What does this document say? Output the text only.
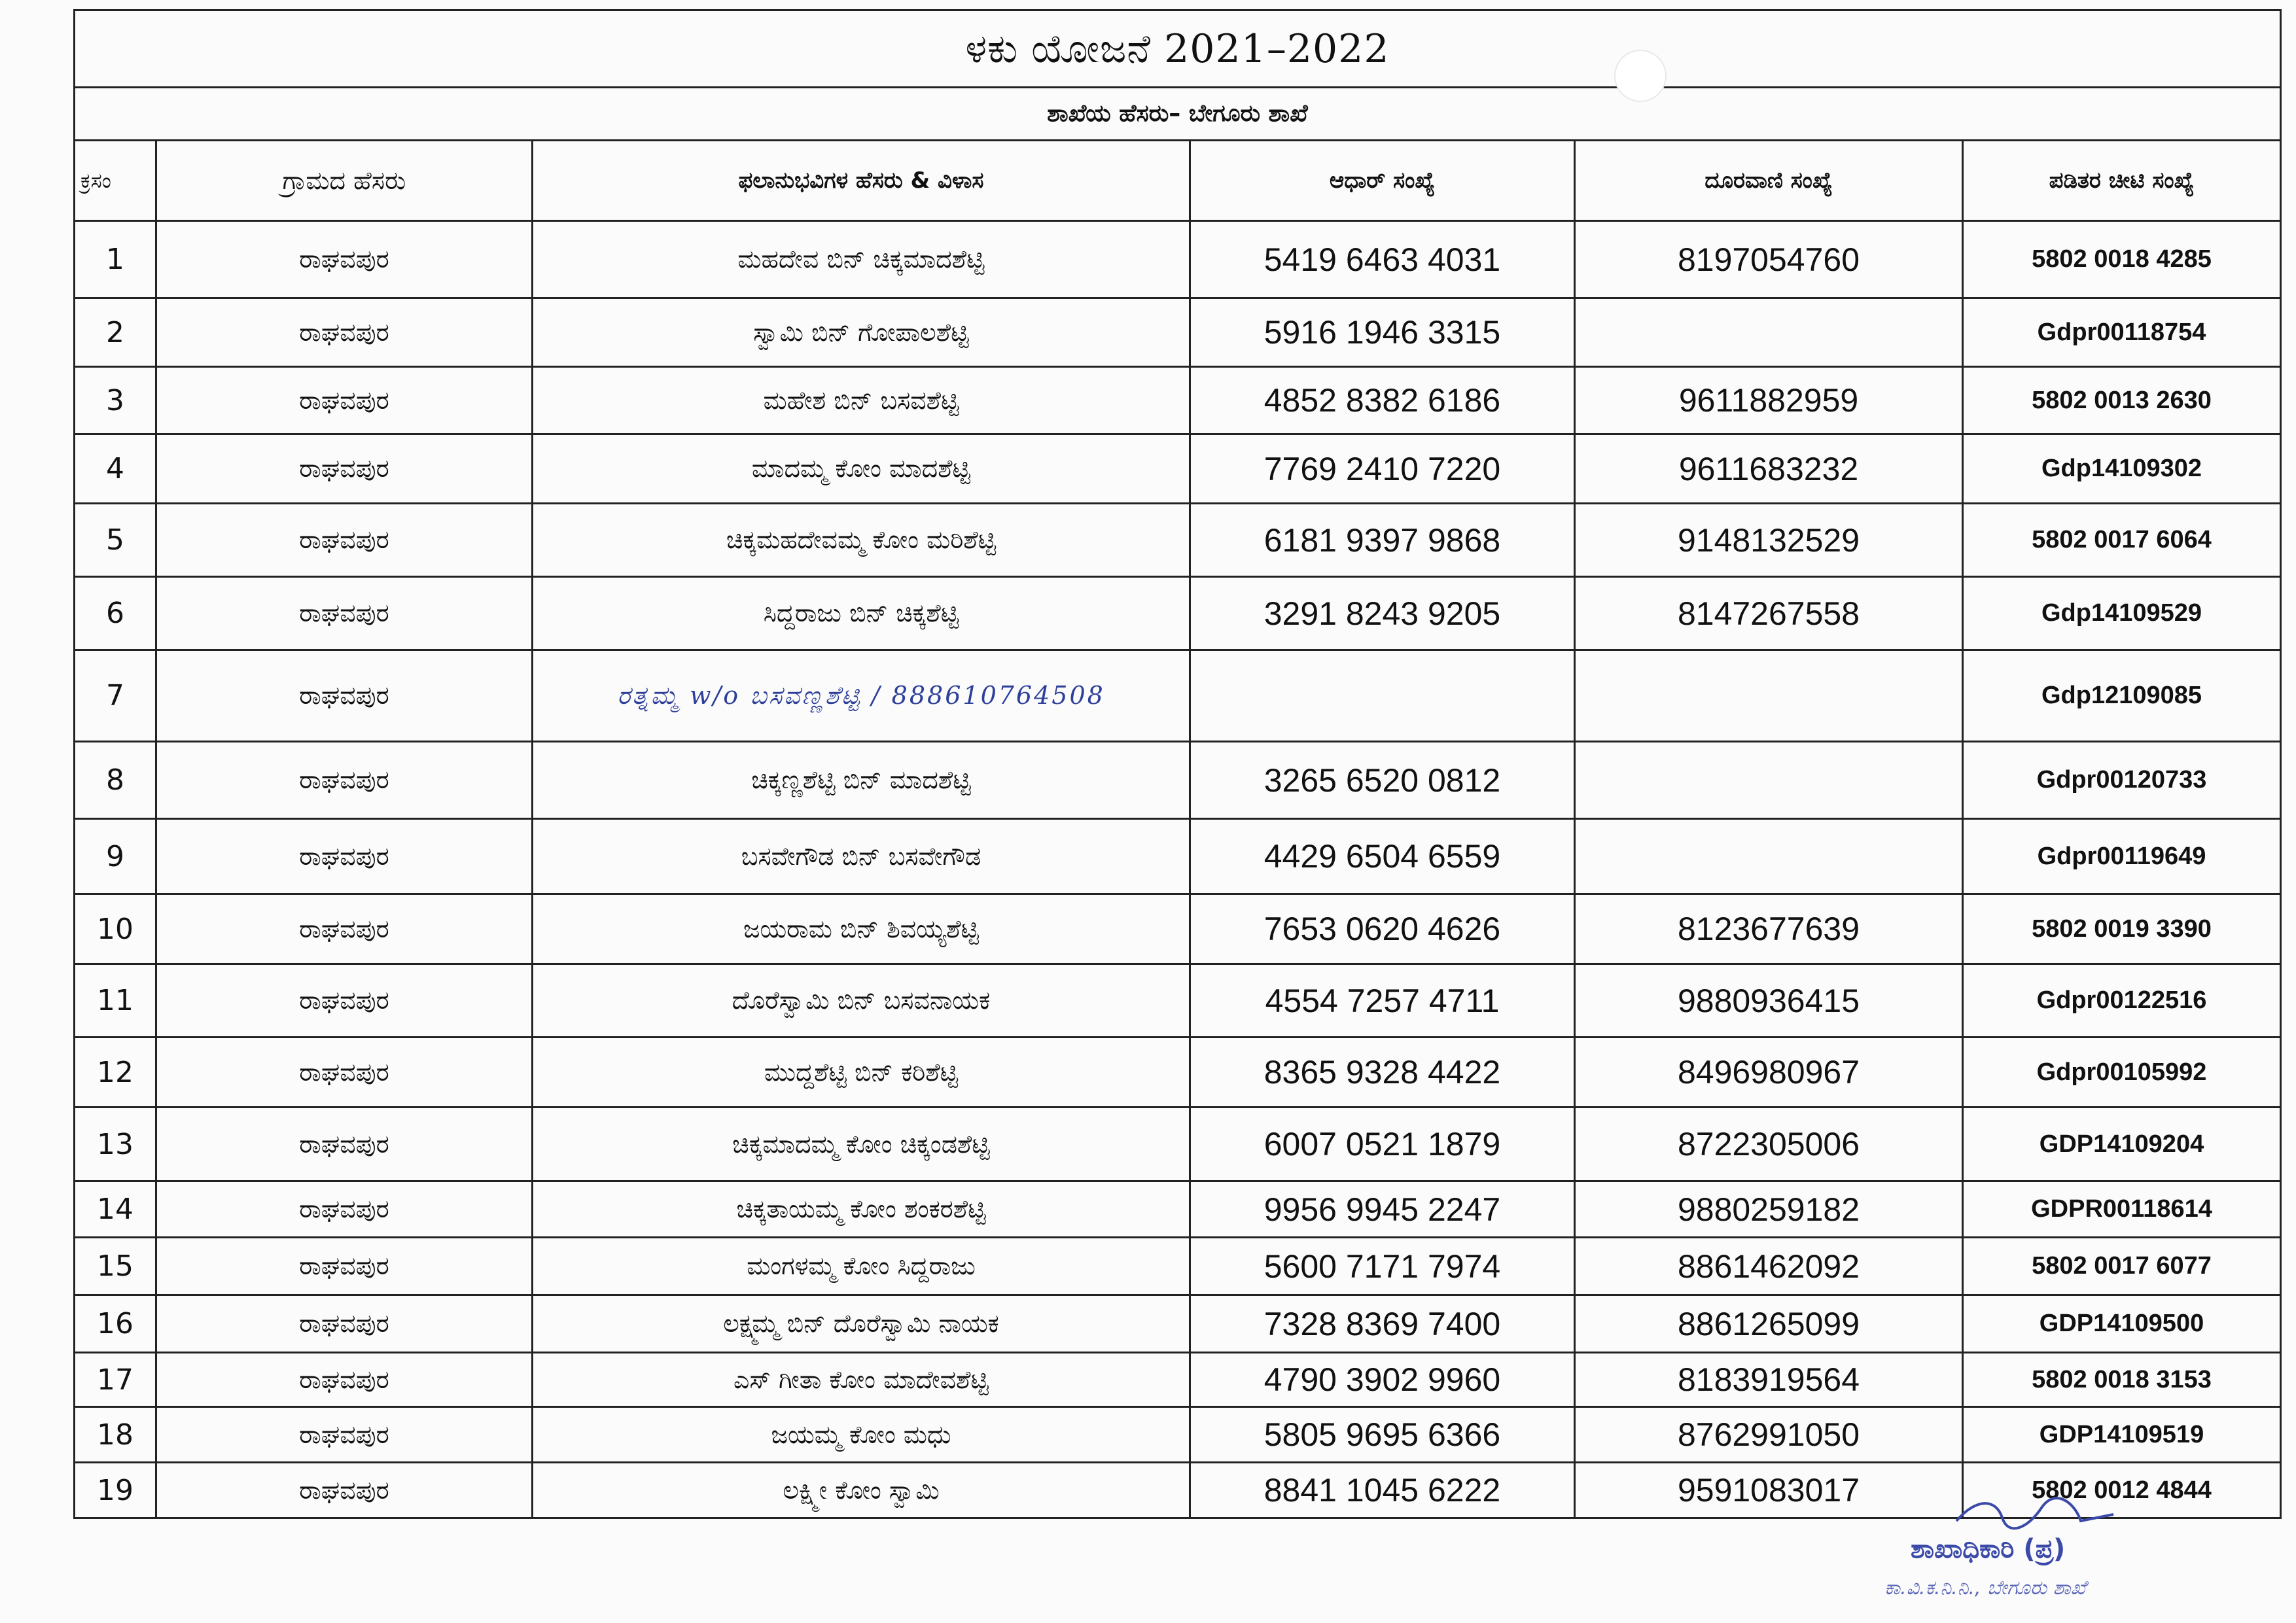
ಳಕು ಯೋಜನೆ 2021–2022					
ಶಾಖೆಯ ಹೆಸರು– ಬೇಗೂರು ಶಾಖೆ					
ಕ್ರಸಂ	ಗ್ರಾಮದ ಹೆಸರು	ಫಲಾನುಭವಿಗಳ ಹೆಸರು & ವಿಳಾಸ	ಆಧಾರ್ ಸಂಖ್ಯೆ	ದೂರವಾಣಿ ಸಂಖ್ಯೆ	ಪಡಿತರ ಚೀಟಿ ಸಂಖ್ಯೆ
1	ರಾಘವಪುರ	ಮಹದೇವ ಬಿನ್ ಚಿಕ್ಕಮಾದಶೆಟ್ಟಿ	5419 6463 4031	8197054760	5802 0018 4285
2	ರಾಘವಪುರ	ಸ್ವಾಮಿ ಬಿನ್ ಗೋಪಾಲಶೆಟ್ಟಿ	5916 1946 3315		Gdpr00118754
3	ರಾಘವಪುರ	ಮಹೇಶ ಬಿನ್ ಬಸವಶೆಟ್ಟಿ	4852 8382 6186	9611882959	5802 0013 2630
4	ರಾಘವಪುರ	ಮಾದಮ್ಮ ಕೋಂ ಮಾದಶೆಟ್ಟಿ	7769 2410 7220	9611683232	Gdp14109302
5	ರಾಘವಪುರ	ಚಿಕ್ಕಮಹದೇವಮ್ಮ ಕೋಂ ಮರಿಶೆಟ್ಟಿ	6181 9397 9868	9148132529	5802 0017 6064
6	ರಾಘವಪುರ	ಸಿದ್ದರಾಜು ಬಿನ್ ಚಿಕ್ಕಶೆಟ್ಟಿ	3291 8243 9205	8147267558	Gdp14109529
7	ರಾಘವಪುರ	ರತ್ನಮ್ಮ w/o ಬಸವಣ್ಣಶೆಟ್ಟಿ / 888610764508			Gdp12109085
8	ರಾಘವಪುರ	ಚಿಕ್ಕಣ್ಣಶೆಟ್ಟಿ ಬಿನ್ ಮಾದಶೆಟ್ಟಿ	3265 6520 0812		Gdpr00120733
9	ರಾಘವಪುರ	ಬಸವೇಗೌಡ ಬಿನ್ ಬಸವೇಗೌಡ	4429 6504 6559		Gdpr00119649
10	ರಾಘವಪುರ	ಜಯರಾಮ ಬಿನ್ ಶಿವಯ್ಯಶೆಟ್ಟಿ	7653 0620 4626	8123677639	5802 0019 3390
11	ರಾಘವಪುರ	ದೊರೆಸ್ವಾಮಿ ಬಿನ್ ಬಸವನಾಯಕ	4554 7257 4711	9880936415	Gdpr00122516
12	ರಾಘವಪುರ	ಮುದ್ದಶೆಟ್ಟಿ ಬಿನ್ ಕರಿಶೆಟ್ಟಿ	8365 9328 4422	8496980967	Gdpr00105992
13	ರಾಘವಪುರ	ಚಿಕ್ಕಮಾದಮ್ಮ ಕೋಂ ಚಿಕ್ಕಂಡಶೆಟ್ಟಿ	6007 0521 1879	8722305006	GDP14109204
14	ರಾಘವಪುರ	ಚಿಕ್ಕತಾಯಮ್ಮ ಕೋಂ ಶಂಕರಶೆಟ್ಟಿ	9956 9945 2247	9880259182	GDPR00118614
15	ರಾಘವಪುರ	ಮಂಗಳಮ್ಮ ಕೋಂ ಸಿದ್ದರಾಜು	5600 7171 7974	8861462092	5802 0017 6077
16	ರಾಘವಪುರ	ಲಕ್ಷ್ಮಮ್ಮ ಬಿನ್ ದೊರೆಸ್ವಾಮಿ ನಾಯಕ	7328 8369 7400	8861265099	GDP14109500
17	ರಾಘವಪುರ	ಎಸ್ ಗೀತಾ ಕೋಂ ಮಾದೇವಶೆಟ್ಟಿ	4790 3902 9960	8183919564	5802 0018 3153
18	ರಾಘವಪುರ	ಜಯಮ್ಮ ಕೋಂ ಮಧು	5805 9695 6366	8762991050	GDP14109519
19	ರಾಘವಪುರ	ಲಕ್ಷ್ಮೀ ಕೋಂ ಸ್ವಾಮಿ	8841 1045 6222	9591083017	5802 0012 4844
ಶಾಖಾಧಿಕಾರಿ (ಪ್ರ)
ಕಾ.ವಿ.ಕ.ನಿ.ನಿ., ಬೇಗೂರು ಶಾಖೆ
